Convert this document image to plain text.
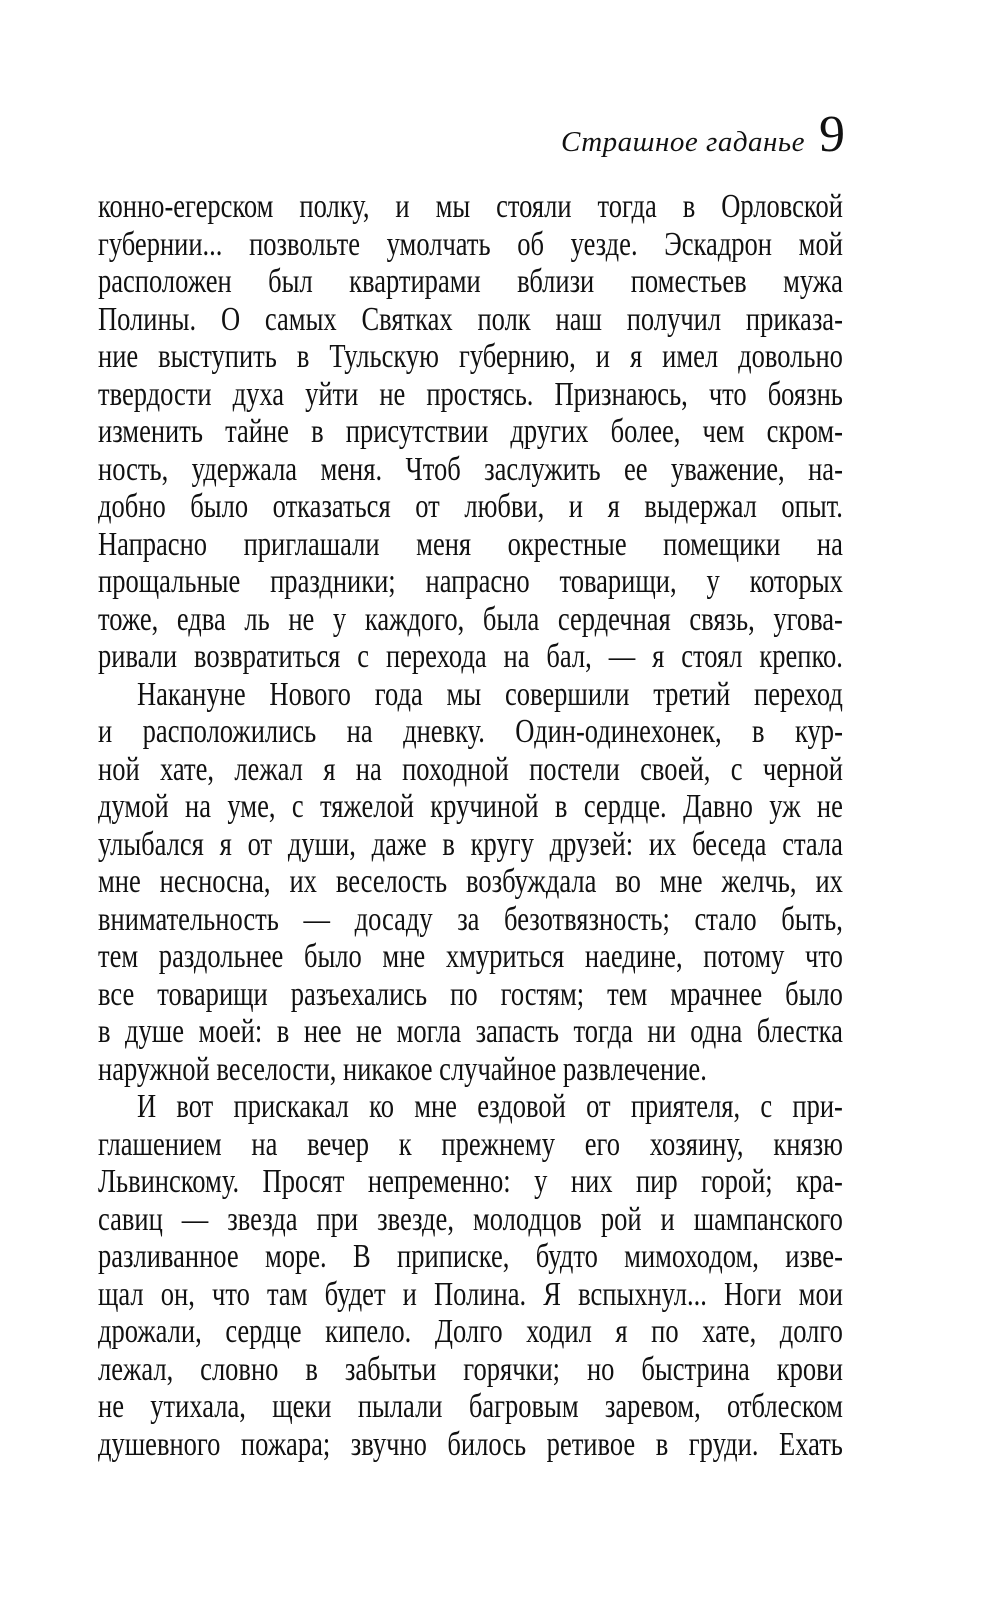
Страшное гаданье 9
конно-егерском полку, и мы стояли тогда в Орловской
губернии... позвольте умолчать об уезде. Эскадрон мой
расположен был квартирами вблизи поместьев мужа
Полины. О самых Святках полк наш получил приказа-
ние выступить в Тульскую губернию, и я имел довольно
твердости духа уйти не простясь. Признаюсь, что боязнь
изменить тайне в присутствии других более, чем скром-
ность, удержала меня. Чтоб заслужить ее уважение, на-
добно было отказаться от любви, и я выдержал опыт.
Напрасно приглашали меня окрестные помещики на
прощальные праздники; напрасно товарищи, у которых
тоже, едва ль не у каждого, была сердечная связь, угова-
ривали возвратиться с перехода на бал, — я стоял крепко.
Накануне Нового года мы совершили третий переход
и расположились на дневку. Один-одинехонек, в кур-
ной хате, лежал я на походной постели своей, с черной
думой на уме, с тяжелой кручиной в сердце. Давно уж не
улыбался я от души, даже в кругу друзей: их беседа стала
мне несносна, их веселость возбуждала во мне желчь, их
внимательность — досаду за безотвязность; стало быть,
тем раздольнее было мне хмуриться наедине, потому что
все товарищи разъехались по гостям; тем мрачнее было
в душе моей: в нее не могла запасть тогда ни одна блестка
наружной веселости, никакое случайное развлечение.
И вот прискакал ко мне ездовой от приятеля, с при-
глашением на вечер к прежнему его хозяину, князю
Львинскому. Просят непременно: у них пир горой; кра-
савиц — звезда при звезде, молодцов рой и шампанского
разливанное море. В приписке, будто мимоходом, изве-
щал он, что там будет и Полина. Я вспыхнул... Ноги мои
дрожали, сердце кипело. Долго ходил я по хате, долго
лежал, словно в забытьи горячки; но быстрина крови
не утихала, щеки пылали багровым заревом, отблеском
душевного пожара; звучно билось ретивое в груди. Ехать
